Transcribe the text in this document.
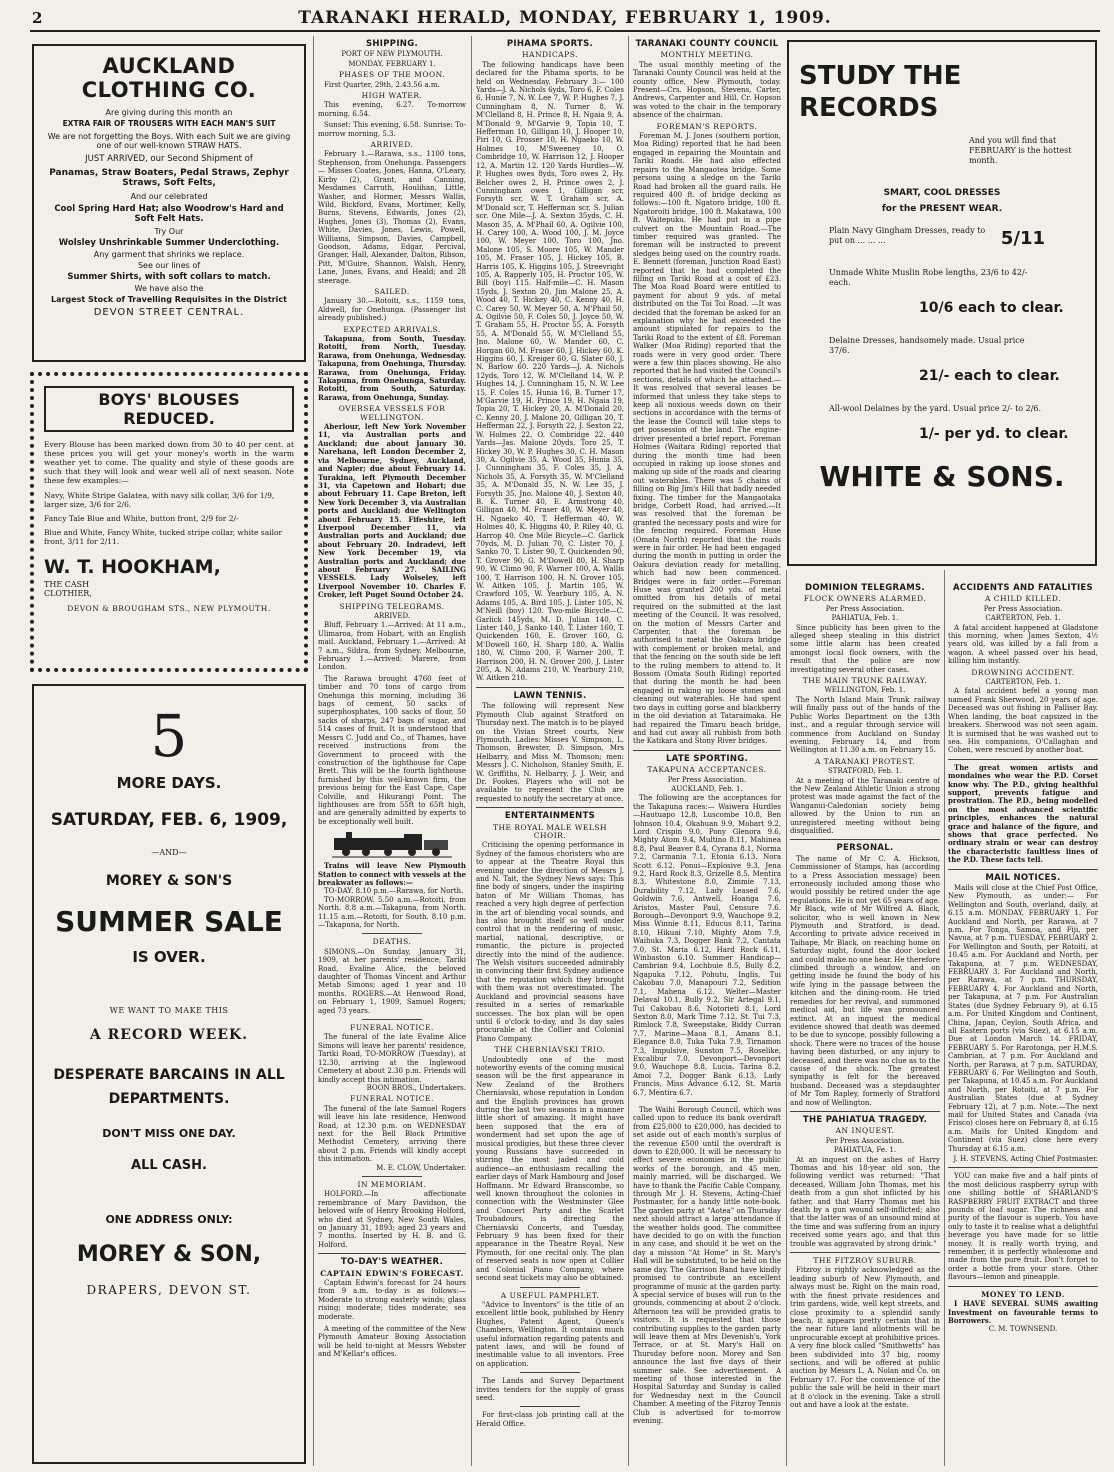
2	TARANAKI HERALD, MONDAY, FEBRUARY 1, 1909.
AUCKLAND CLOTHING CO.
Are giving during this month an
EXTRA FAIR OF TROUSERS WITH EACH MAN'S SUIT
We are not forgetting the Boys. With each Suit we are giving one of our well-known STRAW HATS.
JUST ARRIVED, our Second Shipment of
Panamas, Straw Boaters, Pedal Straws, Zephyr Straws, Soft Felts,
And our celebrated
Cool Spring Hard Hat; also Woodrow's Hard and Soft Felt Hats.
Try Our
Wolsley Unshrinkable Summer Underclothing.
Any garment that shrinks we replace.
See our lines of
Summer Shirts, with soft collars to match.
We have also the
Largest Stock of Travelling Requisites in the District
DEVON STREET CENTRAL.
BOYS' BLOUSES REDUCED.
Every Blouse has been marked down from 30 to 40 per cent. at these prices you will get your money's worth in the warm weather yet to come. The quality and style of these goods are such that they will look and wear well all of next season. Note these few examples:—
Navy, White Stripe Galatea, with navy silk collar, 3/6 for 1/9, larger size, 3/6 for 2/6.
Fancy Tale Blue and White, button front, 2/9 for 2/-
Blue and White, Fancy White, tucked stripe collar, white sailor front, 3/11 for 2/11.
W. T. HOOKHAM, THE CASH CLOTHIER,
DEVON & BROUGHAM STS., NEW PLYMOUTH.
5
MORE DAYS.
SATURDAY, FEB. 6, 1909,
—AND—
MOREY & SON'S
SUMMER SALE
IS OVER.
WE WANT TO MAKE THIS
A RECORD WEEK.
DESPERATE BARCAINS IN ALL DEPARTMENTS.
DON'T MISS ONE DAY.
ALL CASH.
ONE ADDRESS ONLY:
MOREY & SON,
DRAPERS, DEVON ST.
SHIPPING.
PORT OF NEW PLYMOUTH.
MONDAY, FEBRUARY 1.
PHASES OF THE MOON.

First Quarter, 29th, 2.43.56 a.m.

HIGH WATER.

This evening, 6.27. To-morrow morning, 6.54.

Sunset: This evening, 6.58. Sunrise: To-morrow morning, 5.3.

ARRIVED.

February 1.—Rarawa, s.s., 1100 tons, Stephenson, from Onehunga. Passengers— Misses Coates, Jones, Hanna, O'Leary, Kirby (2), Grant, and Canning, Mesdames Carruth, Houlihan, Little, Washer, and Hormer, Messrs Wallis, Wild, Bickford, Evans, Mortimer, Kelly, Burns, Stevens, Edwards, Jones (2), Hughes, Jones (3), Thomas (2), Evans, White, Davies, Jones, Lewis, Powell, Williams, Simpson, Davies, Campbell, Goodson, Adams, Edgar, Percival, Granger, Hall, Alexander, Dalton, Ribson, Pitt, M'Guire, Shannon, Walsh, Henry, Lane, Jones, Evans, and Heald; and 28 steerage.

SAILED.

January 30.—Rotoiti, s.s., 1159 tons, Aldwell, for Onehunga. (Passenger list already published.)

EXPECTED ARRIVALS.

Takapuna, from South, Tuesday. Rotoiti, from North, Tuesday. Rarawa, from Onehunga, Wednesday. Takapuna, from Onehunga, Thursday. Rarawa, from Onehunga, Friday. Takapuna, from Onehunga, Saturday. Rotoiti, from South, Saturday. Rarawa, from Onehunga, Sunday.

OVERSEA VESSELS FOR WELLINGTON.

Aberlour, left New York November 11, via Australian ports and Auckland; due about January 30. Narehana, left London December 2, via Melbourne, Sydney, Auckland, and Napier; due about February 14. Turakina, left Plymouth December 31, via Capetown and Hobart; due about February 11. Cape Breton, left New York December 3, via Australian ports and Auckland; due Wellington about February 15. Fifeshire, left Liverpool December 11, via Australian ports and Auckland; due about February 20. Indradevi, left New York December 19, via Australian ports and Auckland; due about February 27. SAILING VESSELS. Lady Wolseley, left Liverpool November 10. Charles F. Croker, left Puget Sound October 24.

SHIPPING TELEGRAMS.
ARRIVED.

Bluff, February 1.—Arrived: At 11 a.m., Ulimaroa, from Hobart, with an English mail. Auckland, February 1.—Arrived: At 7 a.m., Sildra, from Sydney. Melbourne, February 1.—Arrived: Marere, from London.

The Rarawa brought 4760 feet of timber and 70 tons of cargo from Onehunga this morning, including 36 bags of cement, 50 sacks of superphosphates, 100 sacks of flour, 50 sacks of sharps, 247 bags of sugar, and 514 cases of fruit. It is understood that Messrs C. Judd and Co., of Thames, have received instructions from the Government to proceed with the construction of the lighthouse for Cape Brett. This will be the fourth lighthouse furnished by this well-known firm, the previous being for the East Cape, Cape Colville, and Hikurangi Point. The lighthouses are from 55ft to 65ft high, and are generally admitted by experts to be exceptionally well built.

Trains will leave New Plymouth Station to connect with vessels at the breakwater as follows:—

TO-DAY. 8.10 p.m.—Rarawa, for North.

TO-MORROW. 5.50 a.m.—Rotoiti, from North. 8.8 a.m.—Takapuna, from North. 11.15 a.m.—Rotoiti, for South. 8.10 p.m.—Takapuna, for North.

DEATHS.

SIMONS.—On Sunday, January 31, 1909, at her parents' residence, Tariki Road, Evaline Alice, the beloved daughter of Thomas Vincent and Arthur Metab Simons; aged 1 year and 10 months. ROGERS.—At Henwood Road, on February 1, 1909, Samuel Rogers; aged 73 years.

FUNERAL NOTICE.

The funeral of the late Evaline Alice Simons will leave her parents' residence, Tariki Road, TO-MORROW (Tuesday), at 12.30, arriving at the Inglewood Cemetery at about 2.30 p.m. Friends will kindly accept this intimation.

BOON BROS., Undertakers.
FUNERAL NOTICE.

The funeral of the late Samuel Rogers will leave his late residence, Henwood Road, at 12.30 p.m. on WEDNESDAY next for the Bell Block Primitive Methodist Cemetery, arriving there about 2 p.m. Friends will kindly accept this intimation.

M. E. CLOW, Undertaker.
IN MEMORIAM.

HOLFORD.—In affectionate remembrance of Mary Davidson, the beloved wife of Henry Brooking Holford, who died at Sydney, New South Wales, on January 31, 1893; aged 23 years and 7 months. Inserted by H. B. and G. Holford.

TO-DAY'S WEATHER.
CAPTAIN EDWIN'S FORECAST.

Captain Edwin's forecast for 24 hours from 9 a.m. to-day is as follows:— Moderate to strong easterly winds; glass rising; moderate; tides moderate; sea moderate.

A meeting of the committee of the New Plymouth Amateur Boxing Association will be held to-night at Messrs Webster and M'Kellar's offices.

PIHAMA SPORTS.
HANDICAPS.

The following handicaps have been declared for the Pihama sports, to be held on Wednesday, February 3:— 100 Yards—J. A. Nichols 6yds, Toro 6, F. Coles 6, Hunie 7, N. W. Lee 7, W. P. Hughes 7, J. Cunningham 8, N. Turner 8, W. M'Clelland 8, H. Prince 8, H. Ngaia 9, A. M'Donald 9, M'Garvie 9, Topia 10, T. Hefferman 10, Gilligan 10, J. Hooper 10, Piri 10, G. Prosser 10, H. Ngaeko 10, W. Holmes 10, M'Sweeney 10, O. Combridge 10, W. Harrison 12, J. Hooper 12, A. Martin 12. 120 Yards Hurdles—W. P. Hughes owes 8yds, Toro owes 2, Hy. Belcher owes 2, H. Prince owes 2, J. Cunningham owes 1, Gilligan scr, Forsyth scr, W. T. Graham scr, A. M'Donald scr, T. Hefferman scr, S. Julian scr. One Mile—J. A. Sexton 35yds, C. H. Mason 35, A. M'Phail 60, A. Ogilvie 100, H. Carey 100, A. Wood 100, J. M. Joyce 100, W. Meyer 100, Toro 100, Jno. Malone 105, S. Moore 105, W. Mander 105, M. Fraser 105, J. Hickey 105, B. Harris 105, K. Higgins 105, J. Streevright 105, A. Rapperly 105, H. Proctor 105, W. Bill (boy) 115. Half-mile—C. H. Mason 15yds, J. Sexton 20, Jim Malone 25, A. Wood 40, T. Hickey 40, C. Kenny 40, H. C. Carey 50, W. Meyer 50, A. M'Phail 50, A. Ogilvie 50, F. Coles 50, J. Joyce 50, W. T. Graham 55, H. Proctor 55, A. Forsyth 55, A. M'Donald 55, W. M'Clelland 55, Jno. Malone 60, W. Mander 60, C. Horgan 60, M. Fraser 60, J. Hickey 60, K. Higgins 60, J. Kreiger 60, G. Slater 60, J. N. Barlow 60. 220 Yards—J. A. Nichols 12yds, Toro 12, W. M'Clelland 14, W. P. Hughes 14, J. Cunningham 15, N. W. Lee 15, F. Coles 15, Hunia 16, B. Turner 17, M'Garvie 19, H. Prince 19, H. Ngaia 19, Topia 20, T. Hickey 20, A. M'Donald 20, C. Kenny 20, J. Malone 20, Gilligan 20, T. Hefferman 22, J. Forsyth 22, J. Sexton 22, W. Holmes 22, O. Combridge 22. 440 Yards—Jas. Malone 20yds, Toro 25, T. Hickey 30, W. P. Hughes 30, C. H. Mason 30, A. Ogilvie 35, A. Wood 35, Hunia 35, J. Cunningham 35, F. Coles 35, J. A. Nichols 35, A. Forsyth 35, W. M'Clelland 35, A. M'Donald 35, N. W. Lee 35, J. Forsyth 35, Jno. Malone 40, J. Sexton 40, B. K. Turner 40, E. Armstrong 40, Gilligan 40, M. Fraser 40, W. Meyer 40, H. Ngaeko 40, T. Hefferman 40, W. Holmes 40, K. Higgins 40, P. Riley 40, G. Harrop 40. One Mile Bicycle—C. Garlick 70yds, M. D. Julian 70, C. Lister 70, J. Sanko 70, T. Lister 90, T. Quickenden 90, T. Grover 90, G. M'Dowell 80, H. Sharp 90, W. Climo 90, F. Warner 100, A. Wallis 100, T. Harrison 100, H. N. Grover 105, W. Aitken 105, J. Martin 105, W. Crawford 105, W. Yearbury 105, A. N. Adams 105, A. Bird 105, J. Lister 105, N. M'Neill (boy) 120. Two-mile Bicycle—C. Garlick 145yds, M. D. Julian 140, C. Lister 140, J. Sanko 140, T. Lister 160, T. Quickenden 160, E. Grover 160, G. M'Dowell 160, H. Sharp 180, A. Wallis 180, W. Climo 200, F. Warner 200, T. Harrison 200, H. N. Grover 200, J. Lister 205, A. N. Adams 210, W. Yearbury 210, W. Aitken 210.

LAWN TENNIS.

The following will represent New Plymouth Club against Stratford on Thursday next. The match is to be played on the Vivian Street courts, New Plymouth. Ladies: Misses V. Simpson, L. Thomson, Brewster, D. Simpson, Mrs Helbarry, and Miss M. Thomson; men: Messrs J. C. Nicholson, Stanley Smith, E. W. Griffiths, N. Helbarry, J. J. Weir, and Dr. Fookes. Players who will not be available to represent the Club are requested to notify the secretary at once.

ENTERTAINMENTS
THE ROYAL MALE WELSH CHOIR.

Criticising the opening performance in Sydney of the famous choristers who are to appear at the Theatre Royal this evening under the direction of Messrs J. and N. Tait, the Sydney News says: This fine body of singers, under the inspiring baton of Mr William Thomas, has reached a very high degree of perfection in the art of blending vocal sounds, and has also brought itself so well under control that in the rendering of music, martial, national, descriptive, or romantic, the picture is projected directly into the mind of the audience. The Welsh visitors succeeded admirably in convincing their first Sydney audience that the reputation which they brought with them was not overestimated. The Auckland and provincial seasons have resulted in a series of remarkable successes. The box plan will be open until 6 o'clock to-day, and 3s day sales procurable at the Collier and Colonial Piano Company.

THE CHERNIAVSKI TRIO.

Undoubtedly one of the most noteworthy events of the coming musical season will be the first appearance in New Zealand of the Brothers Cherniavski, whose reputation in London and the English provinces has grown during the last two seasons in a manner little short of amazing. It might have been supposed that the era of wonderment had set upon the age of musical prodigies, but these three clever young Russians have succeeded in stirring the most jaded and cold audience—an enthusiasm recalling the earlier days of Mark Hambourg and Josef Hoffmann. Mr Edward Branscombe, so well known throughout the colonies in connection with the Westminster Glee and Concert Party and the Scarlet Troubadours, is directing the Cherniavski Concerts, and Tuesday, February 9 has been fixed for their appearance in the Theatre Royal, New Plymouth, for one recital only. The plan of reserved seats is now open at Collier and Colonial Piano Company, where second seat tickets may also be obtained.

A USEFUL PAMPHLET.

"Advice to Inventors" is the title of an excellent little book, published by Henry Hughes, Patent Agent, Queen's Chambers, Wellington. It contains much useful information regarding patents and patent laws, and will be found of inestimable value to all inventors. Free on application.

The Lands and Survey Department invites tenders for the supply of grass seed.

For first-class job printing call at the Herald Office.

TARANAKI COUNTY COUNCIL
MONTHLY MEETING.

The usual monthly meeting of the Taranaki County Council was held at the county office, New Plymouth, today. Present—Crs. Hopson, Stevens, Carter, Andrews, Carpenter and Hill. Cr. Hopson was voted to the chair in the temporary absence of the chairman.

FOREMAN'S REPORTS.

Foreman M. J. Jones (southern portion, Moa Riding) reported that he had been engaged in repairing the Mountain and Tariki Roads. He had also effected repairs to the Mangaotea bridge. Some persons using a sledge on the Tariki Road had broken all the guard rails. He required 400 ft. of bridge decking as follows:—100 ft. Ngatoro bridge, 100 ft. Ngatoroiti bridge, 100 ft. Makatawa, 100 ft. Waitepuku. He had put in a pipe culvert on the Mountain Road.—The timber required was granted. The foreman will be instructed to prevent sledges being used on the country roads. E. Bennett (foreman, Junction Road East) reported that he had completed the filling on Tariki Road at a cost of £23. The Moa Road Board were entitled to payment for about 9 yds. of metal distributed on the Toi Toi Road. —It was decided that the foreman be asked for an explanation why he had exceeded the amount stipulated for repairs to the Tariki Road to the extent of £8. Foreman Walker (Moa Riding) reported that the roads were in very good order. There were a few thin places showing. He also reported that he had visited the Council's sections, details of which he attached.—It was resolved that several leases be informed that unless they take steps to keep all noxious weeds down on their sections in accordance with the terms of the lease the Council will take steps to get possession of the land. The engine-driver presented a brief report. Foreman Holmes (Waitara Riding) reported that during the month time had been occupied in raking up loose stones and making up side of the roads and clearing out waterables. There was 5 chains of filling on Big Jim's Hill that badly needed fixing. The timber for the Mangaotaka bridge, Corbett Road, had arrived.—It was resolved that the foreman be granted the necessary posts and wire for the fencing required. Foreman Huse (Omata North) reported that the roads were in fair order. He had been engaged during the month in putting in order the Oakura deviation ready for metalling, which had now been commenced. Bridges were in fair order.—Foreman Huse was granted 200 yds. of metal omitted from his details of metal required on the submitted at the last meeting of the Council. It was resolved, on the motion of Messrs Carter and Carpenter, that the foreman be authorised to metal the Oakura bridge with complement or broken metal, and that the fencing on the south side be left to the ruling members to attend to. It Bossom (Omata South Riding) reported that during the month he had been engaged in raking up loose stones and cleaning out waterables. He had spent two days in cutting gorse and blackberry in the old deviation at Tataraimaka. He had repaired the Timaru beach bridge, and had cut away all rubbish from both the Katikara and Stony River bridges.

LATE SPORTING.
TAKAPUNA ACCEPTANCES.
Per Press Association.
AUCKLAND, Feb. 1.

The following are the acceptances for the Takapuna races:— Waiwera Hurdles—Hautuapo 12.8, Luscombe 10.8, Ben Johnson 10.4, Okahuan 9.9, Mobart 9.2, Lord Crispin 9.0, Pony Glenora 9.6, Mighty Atom 9.4, Multino 8.11, Mahinea 8.8, Paul Beaver 8.4, Cyrana 8.1, Norma 7.2, Carmania 7.1, Etonia 6.13, Nora Scott 6.12. Ponui—Explosive 9.3, Jena 9.2, Hard Rock 8.3, Grizelle 8.5, Mentira 8.3, Whitestone 8.0, Zimmie 7.13, Durability 7.12, Lady Leased 7.6, Goldwin 7.6, Antwell, Hoanga 7.6, Aristos, Master Paul, Censure 7.6. Borough—Devonport 9.9, Wauchope 9.2, Miss Winnie 8.11, Educus 8.11, Tarina 8.10, Hikuai 7.10, Mighty Atom 7.9, Waihuka 7.3, Dogger Bank 7.2, Cantata 7.0, St. Maria 6.12, Hard Rock 6.11, Winbaston 6.10. Summer Handicap—Cambrian 9.4, Lochbuie 8.5, Bully 8.2, Ngapuka 7.12, Pohutu, Inglis, Tui Cakobau 7.0, Manapouri 7.2, Sedition 7.1, Mahena 6.12. Welter—Master Delaval 10.1, Bully 9.2, Sir Artegal 9.1, Tui Cakobau 8.6, Notorieti 8.1, Lord Sexton 8.0, Mark Time 7.12, St. Tui 7.3, Rimlock 7.8, Sweepstake, Biddy Curran 7.7. Marine—Maoa 8.1, Amans 8.1, Elegance 8.0, Tuka Tuka 7.9, Tirnamon 7.3, Impulsive, Sunston 7.5, Roselike, Excalibur 7.0. Devonport—Devonport 9.0, Wauchope 8.8, Lucia, Tarina 8.2, Amoi 7.2, Dogger Bank 6.13, Lady Francis, Miss Advance 6.12, St. Maria 6.7, Mentira 6.7.

The Waihi Borough Council, which was called upon to reduce its bank overdraft from £25,000 to £20,000, has decided to set aside out of each month's surplus of the revenue £500 until the overdraft is down to £20,000. It will be necessary to effect severe economies in the public works of the borough, and 45 men, mainly married, will be discharged. We have to thank the Pacific Cable Company, through Mr J. H. Stevens, Acting-Chief Postmaster, for a handy little note-book. The garden party at "Aotea" on Thursday next should attract a large attendance if the weather holds good. The committee have decided to go on with the function in any case, and should it be wet on the day a mission "At Home" in St. Mary's Hall will be substituted, to be held on the same day. The Garrison Band have kindly promised to contribute an excellent programme of music at the garden party. A special service of buses will run to the grounds, commencing at about 2 o'clock. Afternoon tea will be provided gratis to visitors. It is requested that those contributing supplies to the garden party will leave them at Mrs Devenish's, York Terrace, or at St. Mary's Hall on Thursday before noon. Morey and Son announce the last five days of their summer sale. See advertisement. A meeting of those interested in the Hospital Saturday and Sunday is called for Wednesday next in the Council Chamber. A meeting of the Fitzroy Tennis Club is advertised for to-morrow evening.

STUDY THE
RECORDS
And you will find that FEBRUARY is the hottest month.
SMART, COOL DRESSES
for the PRESENT WEAR.
Plain Navy Gingham Dresses, ready to put on ... ... ...	5/11
Unmade White Muslin Robe lengths, 23/6 to 42/- each.
10/6 each to clear.
Delaine Dresses, handsomely made. Usual price 37/6.
21/- each to clear.
All-wool Delaines by the yard. Usual price 2/- to 2/6.
1/- per yd. to clear.
WHITE & SONS.
DOMINION TELEGRAMS.
FLOCK OWNERS ALARMED.
Per Press Association.
PAHIATUA, Feb. 1.

Since publicity has been given to the alleged sheep stealing in this district some little alarm has been created amongst local flock owners, with the result that the police are now investigating several other cases.

THE MAIN TRUNK RAILWAY.
WELLINGTON, Feb. 1.

The North Island Main Trunk railway will finally pass out of the hands of the Public Works Department on the 13th inst., and a regular through service will commence from Auckland on Sunday evening, February 14, and from Wellington at 11.30 a.m. on February 15.

A TARANAKI PROTEST.
STRATFORD, Feb. 1.

At a meeting of the Taranaki centre of the New Zealand Athletic Union a strong protest was made against the fact of the Wanganui-Caledonian society being allowed by the Union to run an unregistered meeting without being disqualified.

PERSONAL.

The name of Mr C. A. Hickson, Commissioner of Stamps, has (according to a Press Association message) been erroneously included among those who would possibly be retired under the age regulations. He is not yet 65 years of age. Mr Black, wife of Mr Wilfred A. Black, solicitor, who is well known in New Plymouth and Stratford, is dead. According to private advice received in Taihape, Mr Black, on reaching home on Saturday night, found the door locked and could make no one hear. He therefore climbed through a window, and on getting inside he found the body of his wife lying in the passage between the kitchen and the dining-room. He tried remedies for her revival, and summoned medical aid, but life was pronounced extinct. At an inquest the medical evidence showed that death was deemed to be due to syncope, possibly following a shock. There were no traces of the house having been disturbed, or any injury to deceased, and there was no clue as to the cause of the shock. The greatest sympathy is felt for the bereaved husband. Deceased was a stepdaughter of Mr Tom Rapley, formerly of Stratford and now of Wellington.

THE PAHIATUA TRAGEDY.
AN INQUEST.
Per Press Association.
PAHIATUA, Fe. 1.

At an inquest on the ashes of Harry Thomas and his 18-year old son, the following verdict was returned: "That deceased, William John Thomas, met his death from a gun shot inflicted by his father, and that Harry Thomas met his death by a gun wound self-inflicted; also that the latter was of an unsound mind at the time and was suffering from an injury received some years ago, and that this trouble was aggravated by strong drink."

THE FITZROY SUBURB.

Fitzroy is rightly acknowledged as the leading suburb of New Plymouth, and always must be. Right on the main road, with the finest private residences and trim gardens, wide, well kept streets, and close proximity to a splendid sandy beach, it appears pretty certain that in the near future land allotments will be unprocurable except at prohibitive prices. A very fine block called "Smithwetts" has been subdivided into 37 big, roomy sections, and will be offered at public auction by Messrs L. A. Nolan and Co. on February 17. For the convenience of the public the sale will be held in their mart at 8 o'clock in the evening. Take a stroll out and have a look at the estate.

ACCIDENTS AND FATALITIES
A CHILD KILLED.
Per Press Association.
CARTERTON, Feb. 1.

A fatal accident happened at Gladstone this morning, when James Sexton, 4½ years old, was killed by a fall from a wagon. A wheel passed over his head, killing him instantly.

DROWNING ACCIDENT.
CARTERTON, Feb. 1.

A fatal accident befel a young man named Frank Sherwood, 20 years of age. Deceased was out fishing in Palliser Bay. When landing, the boat capsized in the breakers. Sherwood was not seen again. It is surmised that he was washed out to sea. His companions, O'Callaghan and Cohen, were rescued by another boat.

The great women artists and mondaines who wear the P.D. Corset know why. The P.D., giving healthful support, prevents fatigue and prostration. The P.D., being modelled on the most advanced scientific principles, enhances the natural grace and balance of the figure, and shows that grace perfected. No ordinary strain or wear can destroy the characteristic faultless lines of the P.D. These facts tell.

MAIL NOTICES.

Mails will close at the Chief Post Office, New Plymouth, as under:— For Wellington and South, overland, daily, at 6.15 a.m. MONDAY, FEBRUARY 1. For Auckland and North, per Rarawa, at 7 p.m. For Tonga, Samoa, and Fiji, per Navua, at 7 p.m. TUESDAY, FEBRUARY 2. For Wellington and South, per Rotoiti, at 10.45 a.m. For Auckland and North, per Takapuna, at 7 p.m. WEDNESDAY, FEBRUARY 3. For Auckland and North, per Rarawa, at 7 p.m. THURSDAY, FEBRUARY 4. For Auckland and North, per Takapuna, at 7 p.m. For Australian States (due Sydney February 9), at 6.15 a.m. For United Kingdom and Continent, China, Japan, Ceylon, South Africa, and all Eastern ports (via Suez), at 6.15 a.m. Due at London March 14. FRIDAY, FEBRUARY 5. For Rarotonga, per H.M.S. Cambrian, at 7 p.m. For Auckland and North, per Rarawa, at 7 p.m. SATURDAY, FEBRUARY 6. For Wellington and South, per Takapuna, at 10.45 a.m. For Auckland and North, per Rotoiti, at 7 p.m. For Australian States (due at Sydney February 12), at 7 p.m. Note.—The next mail for United States and Canada (via Frisco) closes here on February 8, at 6.15 a.m. Mails for United Kingdom and Continent (via Suez) close here every Thursday at 6.15 a.m.

J. H. STEVENS, Acting Chief Postmaster.

YOU can make five and a half pints of the most delicious raspberry syrup with one shilling bottle of SHARLAND'S RASPBERRY FRUIT EXTRACT and three pounds of loaf sugar. The richness and purity of the flavour is superb. You have only to taste it to realise what a delightful beverage you have made for so little money. It is really worth trying, and remember, it is perfectly wholesome and made from the pure fruit. Don't forget to order a bottle from your store. Other flavours—lemon and pineapple.

MONEY TO LEND.

I HAVE SEVERAL SUMS awaiting Investment on favourable terms to Borrowers.

C. M. TOWNSEND.
